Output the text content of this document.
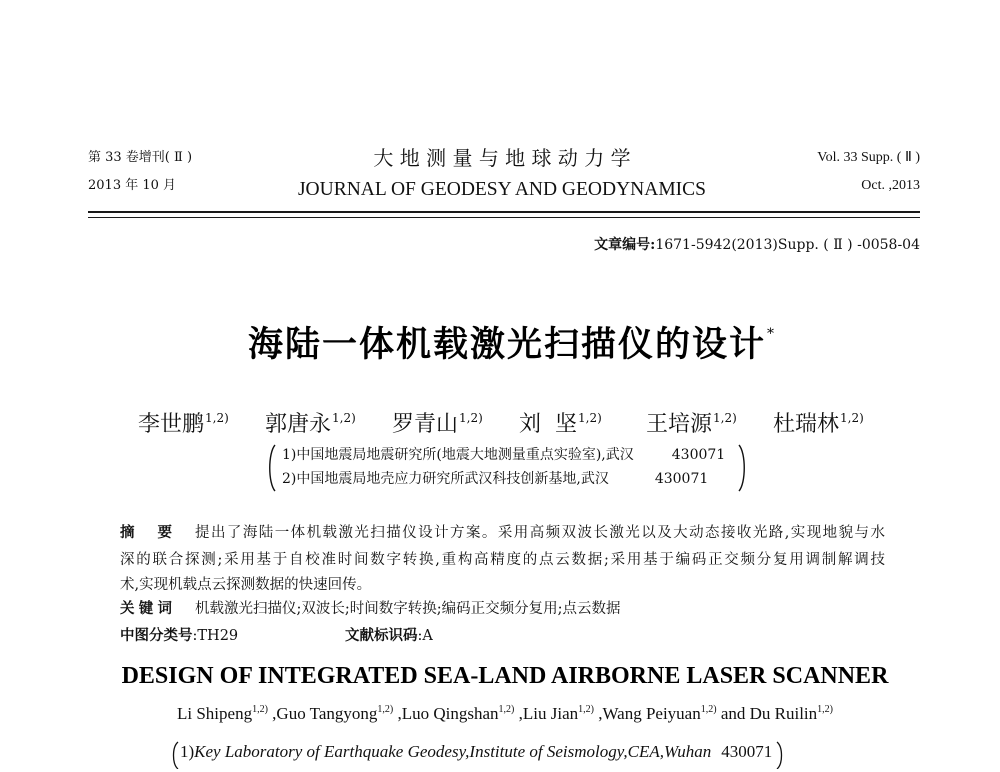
第 33 卷增刊( Ⅱ )
2013 年 10 月
大 地 测 量 与 地 球 动 力 学
JOURNAL OF GEODESY AND GEODYNAMICS
Vol. 33 Supp. ( Ⅱ )
Oct. ,2013
文章编号:1671-5942(2013)Supp. ( Ⅱ ) -0058-04
海陆一体机载激光扫描仪的设计*
李世鹏$^{1,2)}$	郭唐永$^{1,2)}$	罗青山$^{1,2)}$	刘  坚$^{1,2)}$	王培源$^{1,2)}$	杜瑞林$^{1,2)}$
1)中国地震局地震研究所(地震大地测量重点实验室),武汉	430071
2)中国地震局地壳应力研究所武汉科技创新基地,武汉	430071
摘 要 提出了海陆一体机载激光扫描仪设计方案。采用高频双波长激光以及大动态接收光路,实现地貌与水
深的联合探测;采用基于自校准时间数字转换,重构高精度的点云数据;采用基于编码正交频分复用调制解调技
术,实现机载点云探测数据的快速回传。
关键词 机载激光扫描仪;双波长;时间数字转换;编码正交频分复用;点云数据
中图分类号:TH29	文献标识码:A
DESIGN OF INTEGRATED SEA-LAND AIRBORNE LASER SCANNER
Li Shipeng$^{1,2)}$ ,Guo Tangyong$^{1,2)}$ ,Luo Qingshan$^{1,2)}$ ,Liu Jian$^{1,2)}$ ,Wang Peiyuan$^{1,2)}$ and Du Ruilin$^{1,2)}$
1)Key Laboratory of Earthquake Geodesy,Institute of Seismology,CEA,Wuhan 430071
